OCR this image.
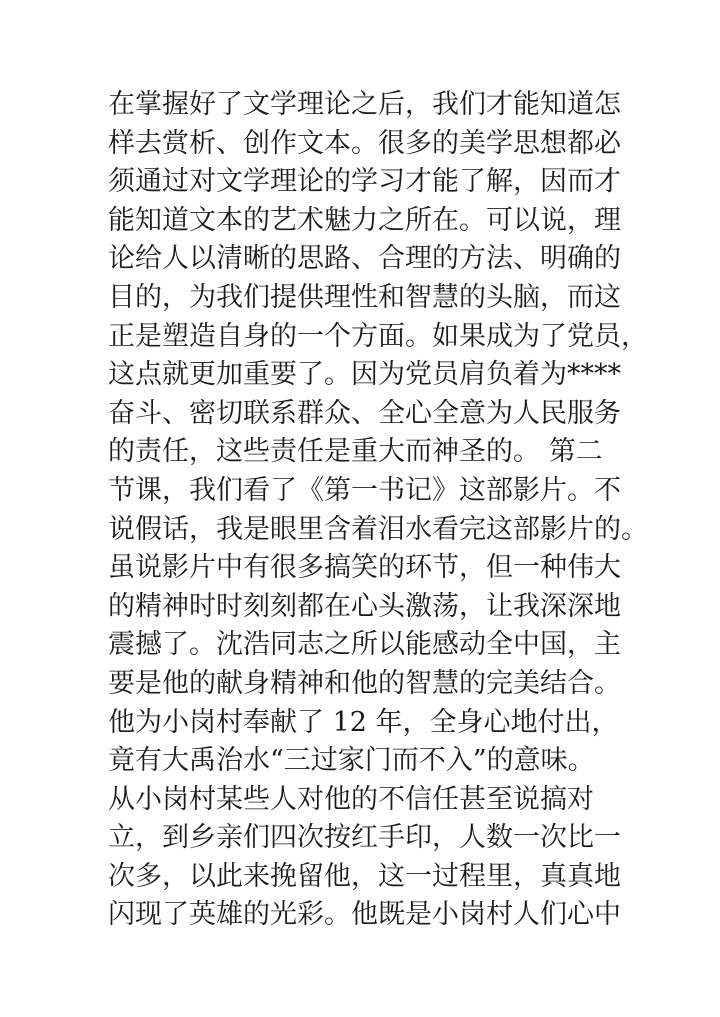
在掌握好了文学理论之后，我们才能知道怎
样去赏析、创作文本。很多的美学思想都必
须通过对文学理论的学习才能了解，因而才
能知道文本的艺术魅力之所在。可以说，理
论给人以清晰的思路、合理的方法、明确的
目的，为我们提供理性和智慧的头脑，而这
正是塑造自身的一个方面。如果成为了党员，
这点就更加重要了。因为党员肩负着为****
奋斗、密切联系群众、全心全意为人民服务
的责任，这些责任是重大而神圣的。 第二
节课，我们看了《第一书记》这部影片。不
说假话，我是眼里含着泪水看完这部影片的。
虽说影片中有很多搞笑的环节，但一种伟大
的精神时时刻刻都在心头激荡，让我深深地
震撼了。沈浩同志之所以能感动全中国，主
要是他的献身精神和他的智慧的完美结合。
他为小岗村奉献了 12 年，全身心地付出，
竟有大禹治水“三过家门而不入”的意味。
从小岗村某些人对他的不信任甚至说搞对
立，到乡亲们四次按红手印，人数一次比一
次多，以此来挽留他，这一过程里，真真地
闪现了英雄的光彩。他既是小岗村人们心中
